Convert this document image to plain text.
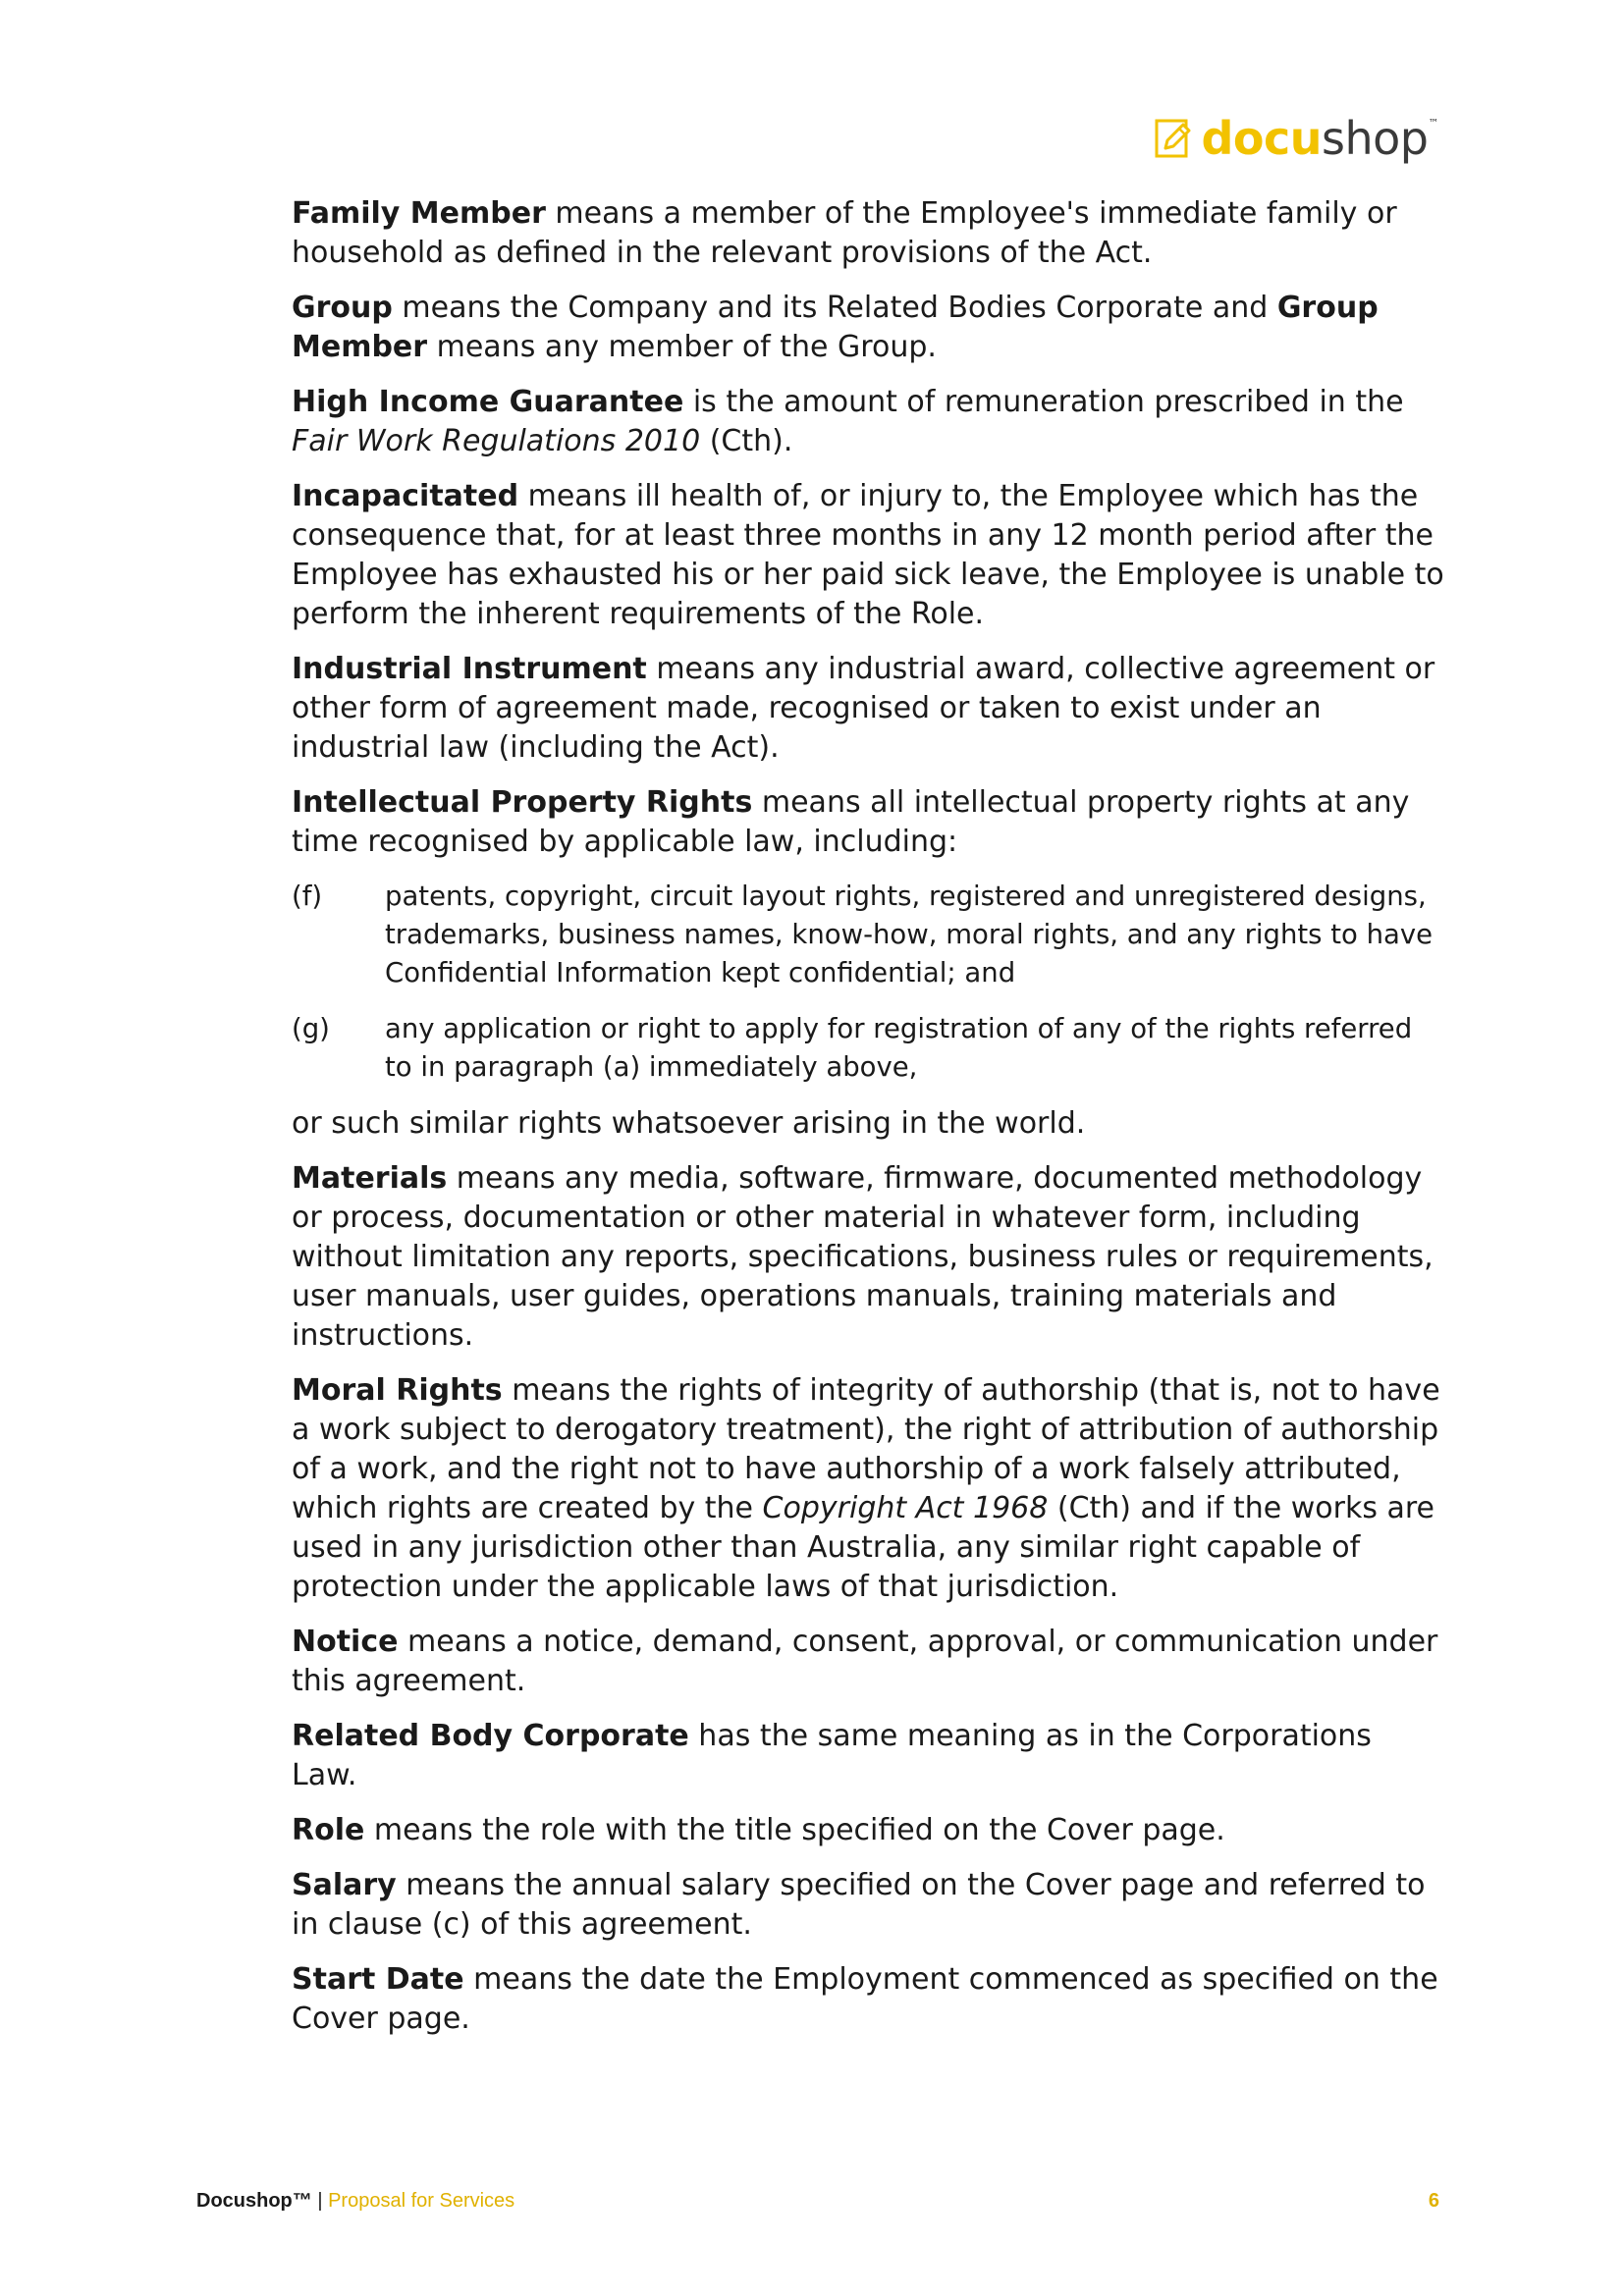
docushop™

Family Member means a member of the Employee's immediate family or household as defined in the relevant provisions of the Act.

Group means the Company and its Related Bodies Corporate and Group Member means any member of the Group.

High Income Guarantee is the amount of remuneration prescribed in the Fair Work Regulations 2010 (Cth).

Incapacitated means ill health of, or injury to, the Employee which has the consequence that, for at least three months in any 12 month period after the Employee has exhausted his or her paid sick leave, the Employee is unable to perform the inherent requirements of the Role.

Industrial Instrument means any industrial award, collective agreement or other form of agreement made, recognised or taken to exist under an industrial law (including the Act).

Intellectual Property Rights means all intellectual property rights at any time recognised by applicable law, including:

(f)	patents, copyright, circuit layout rights, registered and unregistered designs, trademarks, business names, know-how, moral rights, and any rights to have Confidential Information kept confidential; and
(g)	any application or right to apply for registration of any of the rights referred to in paragraph (a) immediately above,

or such similar rights whatsoever arising in the world.

Materials means any media, software, firmware, documented methodology or process, documentation or other material in whatever form, including without limitation any reports, specifications, business rules or requirements, user manuals, user guides, operations manuals, training materials and instructions.

Moral Rights means the rights of integrity of authorship (that is, not to have a work subject to derogatory treatment), the right of attribution of authorship of a work, and the right not to have authorship of a work falsely attributed, which rights are created by the Copyright Act 1968 (Cth) and if the works are used in any jurisdiction other than Australia, any similar right capable of protection under the applicable laws of that jurisdiction.

Notice means a notice, demand, consent, approval, or communication under this agreement.

Related Body Corporate has the same meaning as in the Corporations Law.

Role means the role with the title specified on the Cover page.

Salary means the annual salary specified on the Cover page and referred to in clause (c) of this agreement.

Start Date means the date the Employment commenced as specified on the Cover page.

Docushop™ | Proposal for Services	6
